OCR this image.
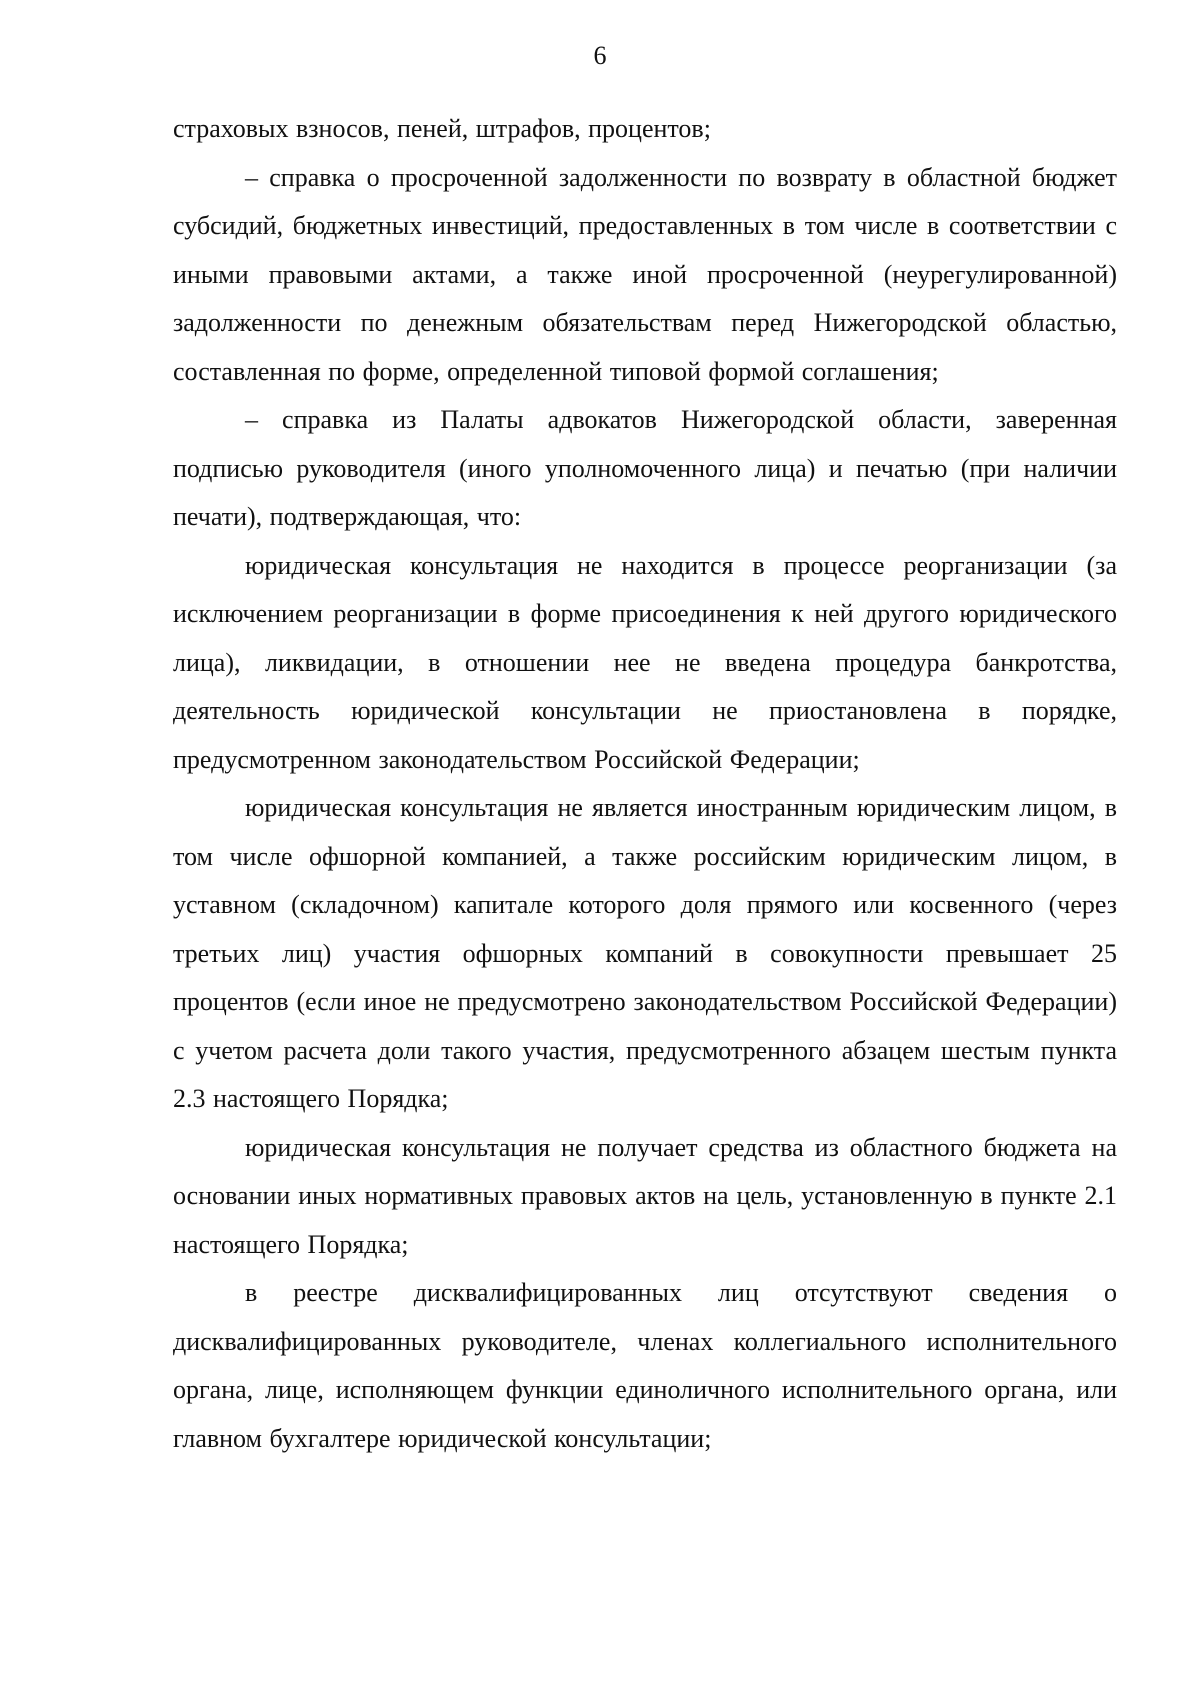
6

страховых взносов, пеней, штрафов, процентов;

– справка о просроченной задолженности по возврату в областной бюджет субсидий, бюджетных инвестиций, предоставленных в том числе в соответствии с иными правовыми актами, а также иной просроченной (неурегулированной) задолженности по денежным обязательствам перед Нижегородской областью, составленная по форме, определенной типовой формой соглашения;

– справка из Палаты адвокатов Нижегородской области, заверенная подписью руководителя (иного уполномоченного лица) и печатью (при наличии печати), подтверждающая, что:

юридическая консультация не находится в процессе реорганизации (за исключением реорганизации в форме присоединения к ней другого юридического лица), ликвидации, в отношении нее не введена процедура банкротства, деятельность юридической консультации не приостановлена в порядке, предусмотренном законодательством Российской Федерации;

юридическая консультация не является иностранным юридическим лицом, в том числе офшорной компанией, а также российским юридическим лицом, в уставном (складочном) капитале которого доля прямого или косвенного (через третьих лиц) участия офшорных компаний в совокупности превышает 25 процентов (если иное не предусмотрено законодательством Российской Федерации) с учетом расчета доли такого участия, предусмотренного абзацем шестым пункта 2.3 настоящего Порядка;

юридическая консультация не получает средства из областного бюджета на основании иных нормативных правовых актов на цель, установленную в пункте 2.1 настоящего Порядка;

в реестре дисквалифицированных лиц отсутствуют сведения о дисквалифицированных руководителе, членах коллегиального исполнительного органа, лице, исполняющем функции единоличного исполнительного органа, или главном бухгалтере юридической консультации;
